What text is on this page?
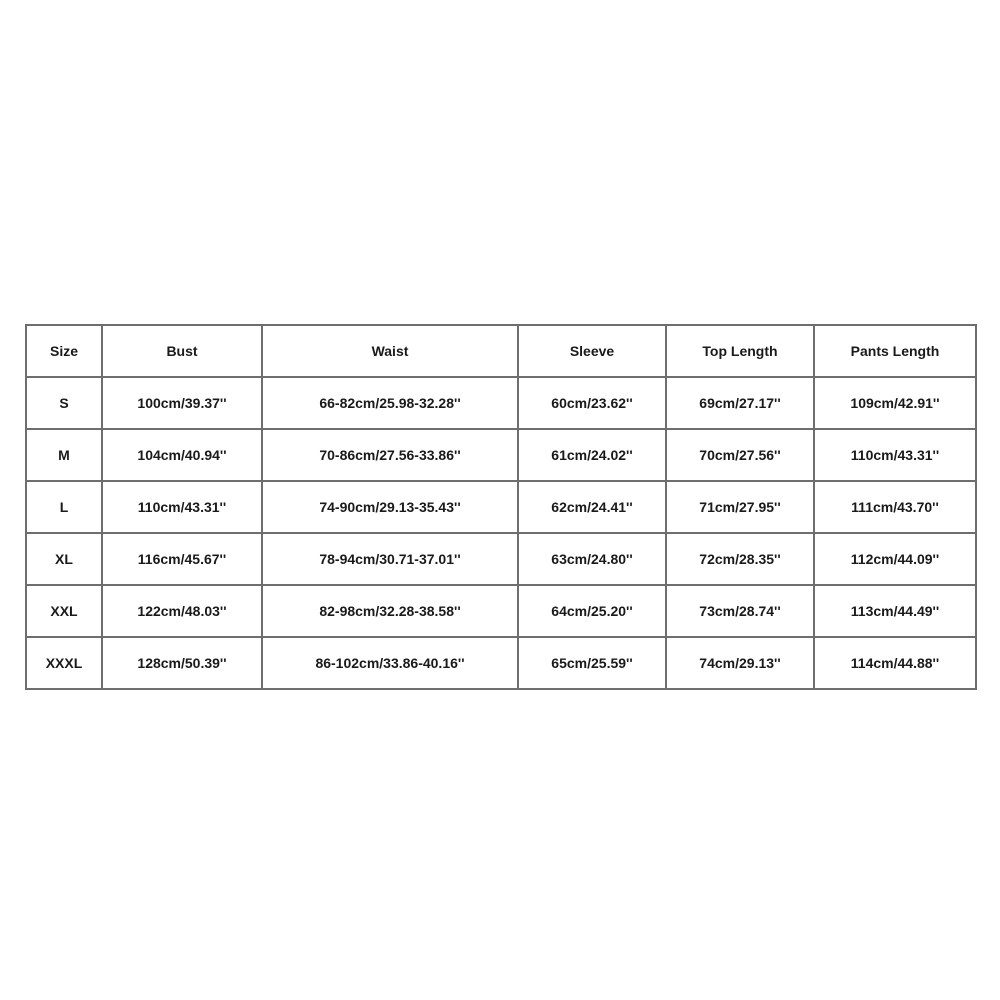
Size	Bust	Waist	Sleeve	Top Length	Pants Length
S	100cm/39.37''	66-82cm/25.98-32.28''	60cm/23.62''	69cm/27.17''	109cm/42.91''
M	104cm/40.94''	70-86cm/27.56-33.86''	61cm/24.02''	70cm/27.56''	110cm/43.31''
L	110cm/43.31''	74-90cm/29.13-35.43''	62cm/24.41''	71cm/27.95''	111cm/43.70''
XL	116cm/45.67''	78-94cm/30.71-37.01''	63cm/24.80''	72cm/28.35''	112cm/44.09''
XXL	122cm/48.03''	82-98cm/32.28-38.58''	64cm/25.20''	73cm/28.74''	113cm/44.49''
XXXL	128cm/50.39''	86-102cm/33.86-40.16''	65cm/25.59''	74cm/29.13''	114cm/44.88''
